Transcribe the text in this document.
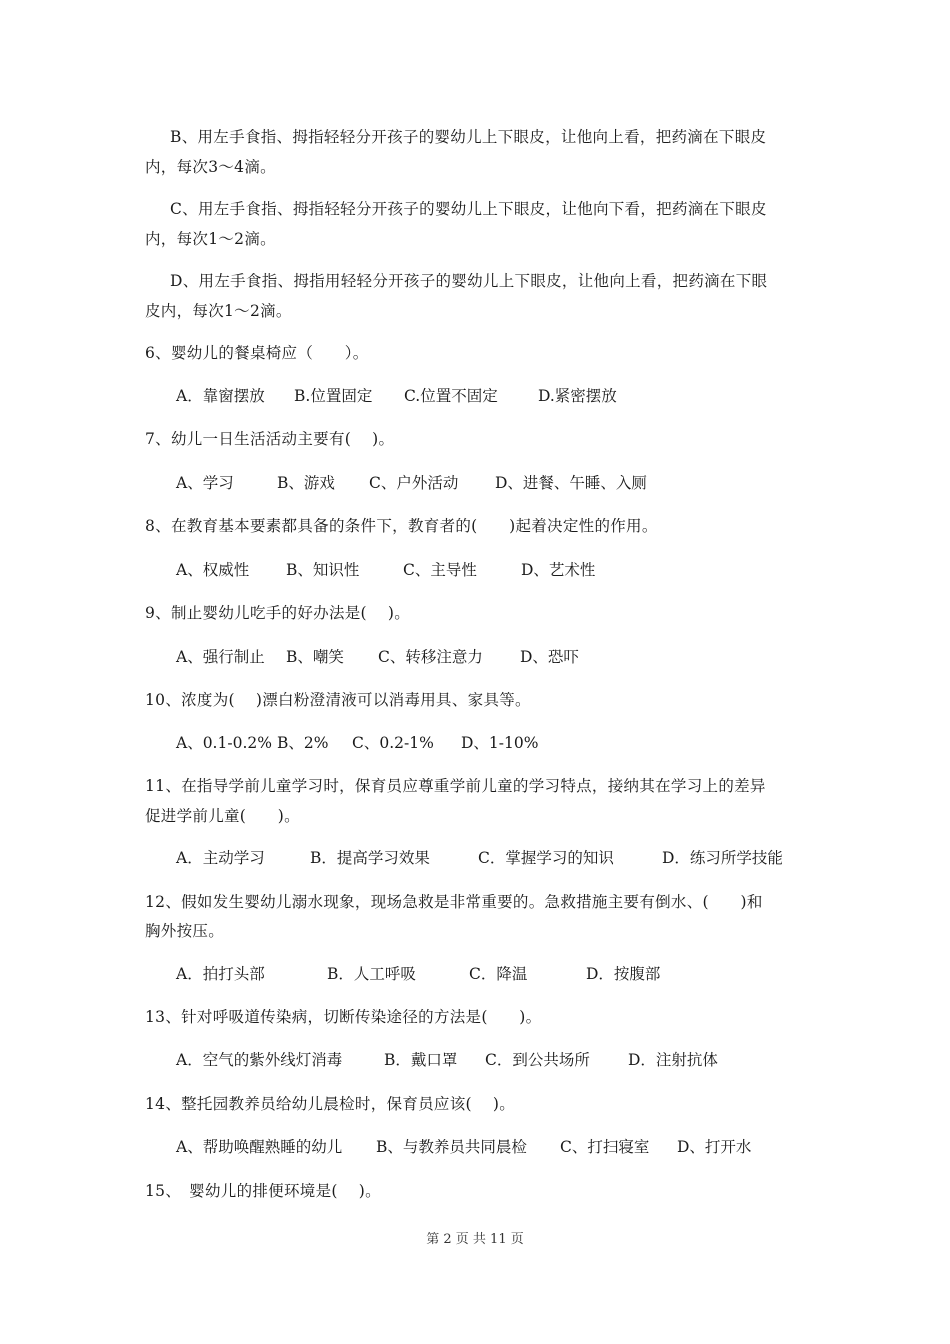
B、用左手食指、拇指轻轻分开孩子的婴幼儿上下眼皮，让他向上看，把药滴在下眼皮
内，每次3～4滴。
C、用左手食指、拇指轻轻分开孩子的婴幼儿上下眼皮，让他向下看，把药滴在下眼皮
内，每次1～2滴。
D、用左手食指、拇指用轻轻分开孩子的婴幼儿上下眼皮，让他向上看，把药滴在下眼
皮内，每次1～2滴。
6、婴幼儿的餐桌椅应（　　）。
A．靠窗摆放 B.位置固定 C.位置不固定	D.紧密摆放
7、幼儿一日生活活动主要有(　 )。
A、学习	B、游戏 C、户外活动 D、进餐、午睡、入厕
8、在教育基本要素都具备的条件下，教育者的(　　)起着决定性的作用。
A、权威性 B、知识性	C、主导性	D、艺术性
9、制止婴幼儿吃手的好办法是(　 )。
A、强行制止 B、嘲笑 C、转移注意力 D、恐吓
10、浓度为(　 )漂白粉澄清液可以消毒用具、家具等。
A、0.1-0.2% B、2% C、0.2-1% D、1-10%
11、在指导学前儿童学习时，保育员应尊重学前儿童的学习特点，接纳其在学习上的差异
促进学前儿童(　　)。
A．主动学习	B．提高学习效果	C．掌握学习的知识	D．练习所学技能
12、假如发生婴幼儿溺水现象，现场急救是非常重要的。急救措施主要有倒水、(　　)和
胸外按压。
A．拍打头部	B．人工呼吸	C．降温	D．按腹部
13、针对呼吸道传染病，切断传染途径的方法是(　　)。
A．空气的紫外线灯消毒	B．戴口罩 C．到公共场所 D．注射抗体
14、整托园教养员给幼儿晨检时，保育员应该(　 )。
A、帮助唤醒熟睡的幼儿 B、与教养员共同晨检 C、打扫寝室 D、打开水
15、　婴幼儿的排便环境是(　 )。
第 2 页 共 11 页
